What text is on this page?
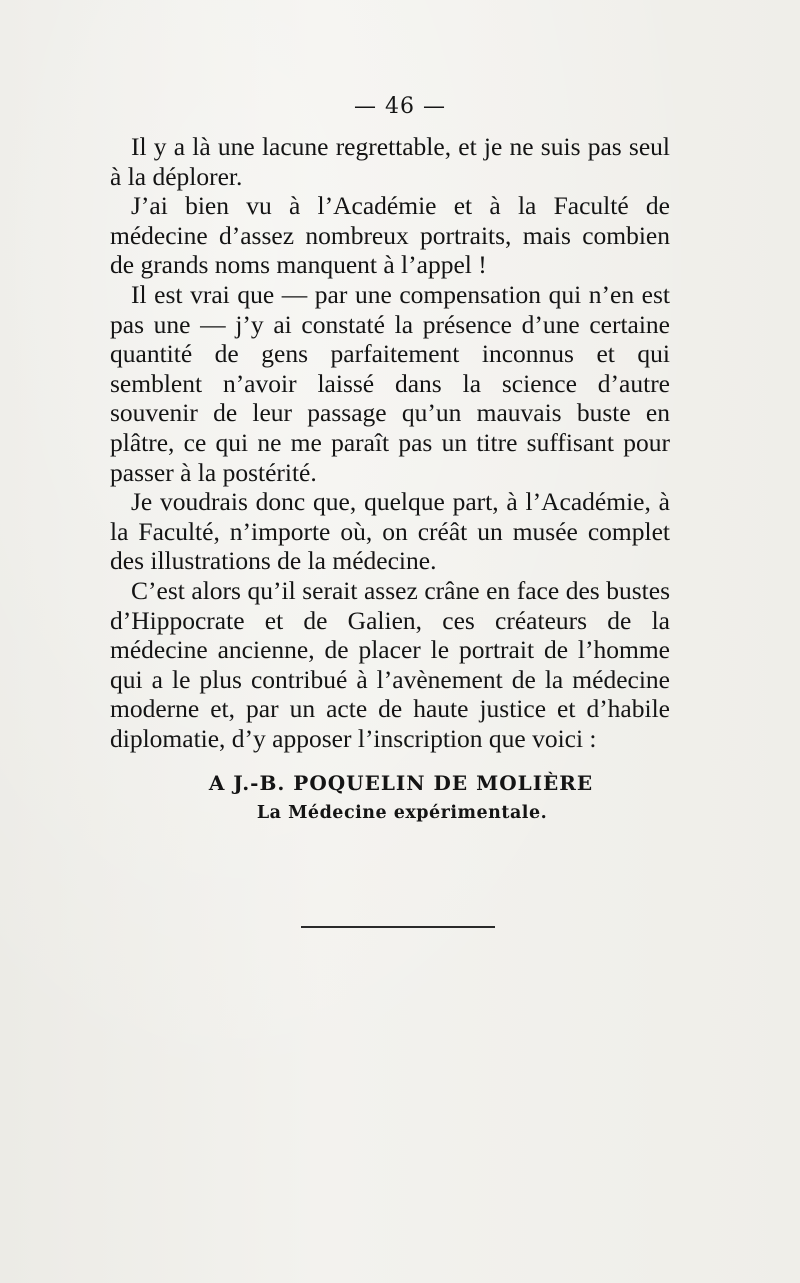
— 46 —

Il y a là une lacune regrettable, et je ne suis pas seul à la déplorer.

J’ai bien vu à l’Académie et à la Faculté de médecine d’assez nombreux portraits, mais combien de grands noms manquent à l’appel !

Il est vrai que — par une compensation qui n’en est pas une — j’y ai constaté la présence d’une certaine quantité de gens parfaitement inconnus et qui semblent n’avoir laissé dans la science d’autre souvenir de leur passage qu’un mauvais buste en plâtre, ce qui ne me paraît pas un titre suffisant pour passer à la postérité.

Je voudrais donc que, quelque part, à l’Académie, à la Faculté, n’importe où, on créât un musée complet des illustrations de la médecine.

C’est alors qu’il serait assez crâne en face des bustes d’Hippocrate et de Galien, ces créateurs de la médecine ancienne, de placer le portrait de l’homme qui a le plus contribué à l’avènement de la médecine moderne et, par un acte de haute justice et d’habile diplomatie, d’y apposer l’inscription que voici :

A J.-B. POQUELIN DE MOLIÈRE
La Médecine expérimentale.
